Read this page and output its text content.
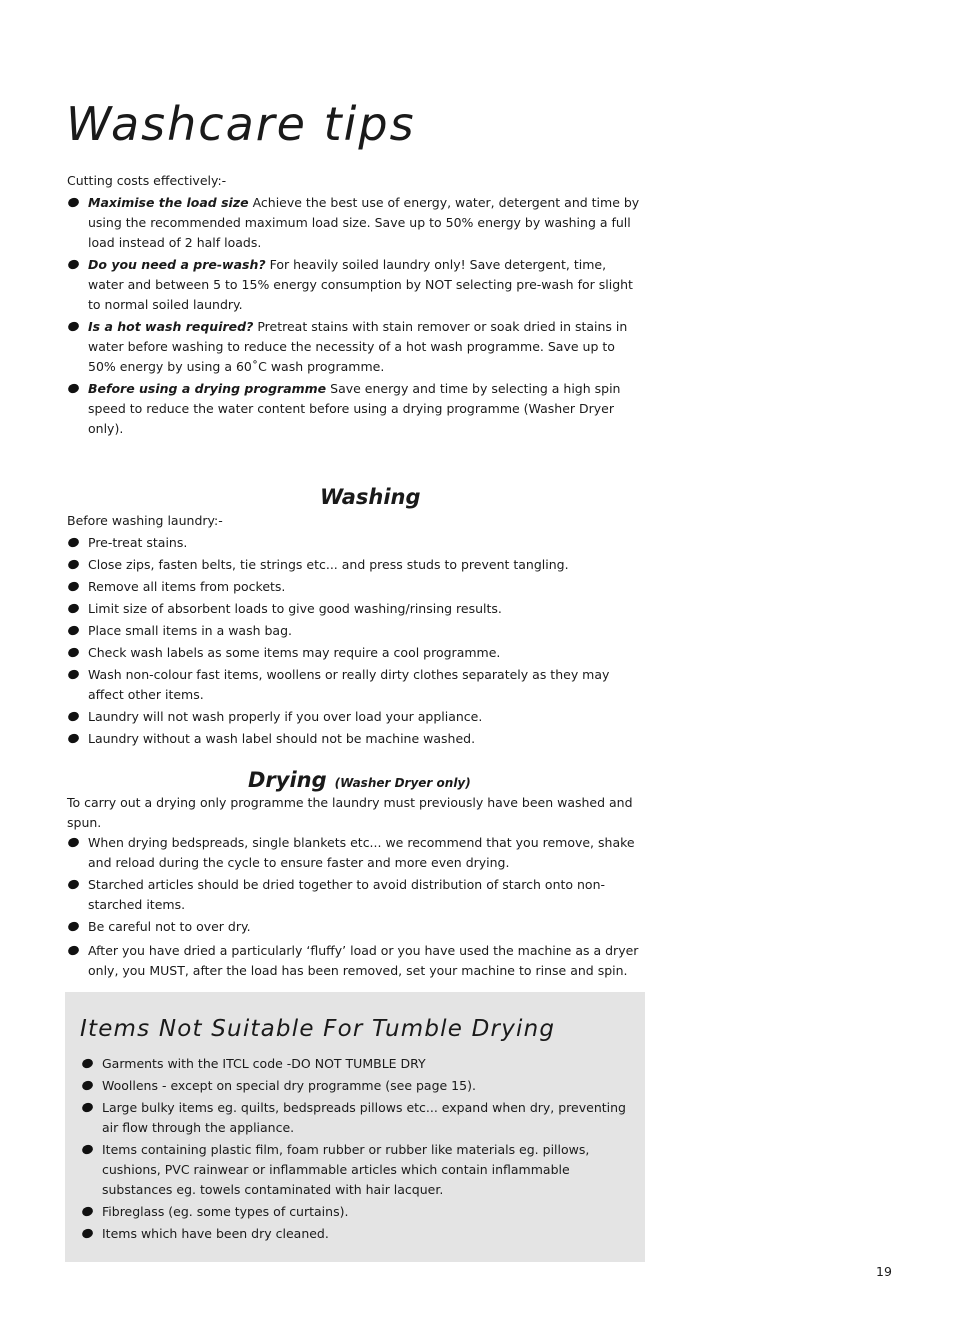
Washcare tips

Cutting costs effectively:-

Maximise the load size Achieve the best use of energy, water, detergent and time by using the recommended maximum load size. Save up to 50% energy by washing a full load instead of 2 half loads.
Do you need a pre-wash? For heavily soiled laundry only! Save detergent, time, water and between 5 to 15% energy consumption by NOT selecting pre-wash for slight to normal soiled laundry.
Is a hot wash required? Pretreat stains with stain remover or soak dried in stains in water before washing to reduce the necessity of a hot wash programme. Save up to 50% energy by using a 60˚C wash programme.
Before using a drying programme Save energy and time by selecting a high spin speed to reduce the water content before using a drying programme (Washer Dryer only).
Washing

Before washing laundry:-

Pre-treat stains.
Close zips, fasten belts, tie strings etc... and press studs to prevent tangling.
Remove all items from pockets.
Limit size of absorbent loads to give good washing/rinsing results.
Place small items in a wash bag.
Check wash labels as some items may require a cool programme.
Wash non-colour fast items, woollens or really dirty clothes separately as they may affect other items.
Laundry will not wash properly if you over load your appliance.
Laundry without a wash label should not be machine washed.
Drying (Washer Dryer only)

To carry out a drying only programme the laundry must previously have been washed and spun.

When drying bedspreads, single blankets etc... we recommend that you remove, shake and reload during the cycle to ensure faster and more even drying.
Starched articles should be dried together to avoid distribution of starch onto non-starched items.
Be careful not to over dry.
After you have dried a particularly ‘fluffy’ load or you have used the machine as a dryer only, you MUST, after the load has been removed, set your machine to rinse and spin.
Items Not Suitable For Tumble Drying
Garments with the ITCL code -DO NOT TUMBLE DRY
Woollens - except on special dry programme (see page 15).
Large bulky items eg. quilts, bedspreads pillows etc... expand when dry, preventing air flow through the appliance.
Items containing plastic film, foam rubber or rubber like materials eg. pillows, cushions, PVC rainwear or inflammable articles which contain inflammable substances eg. towels contaminated with hair lacquer.
Fibreglass (eg. some types of curtains).
Items which have been dry cleaned.
19
